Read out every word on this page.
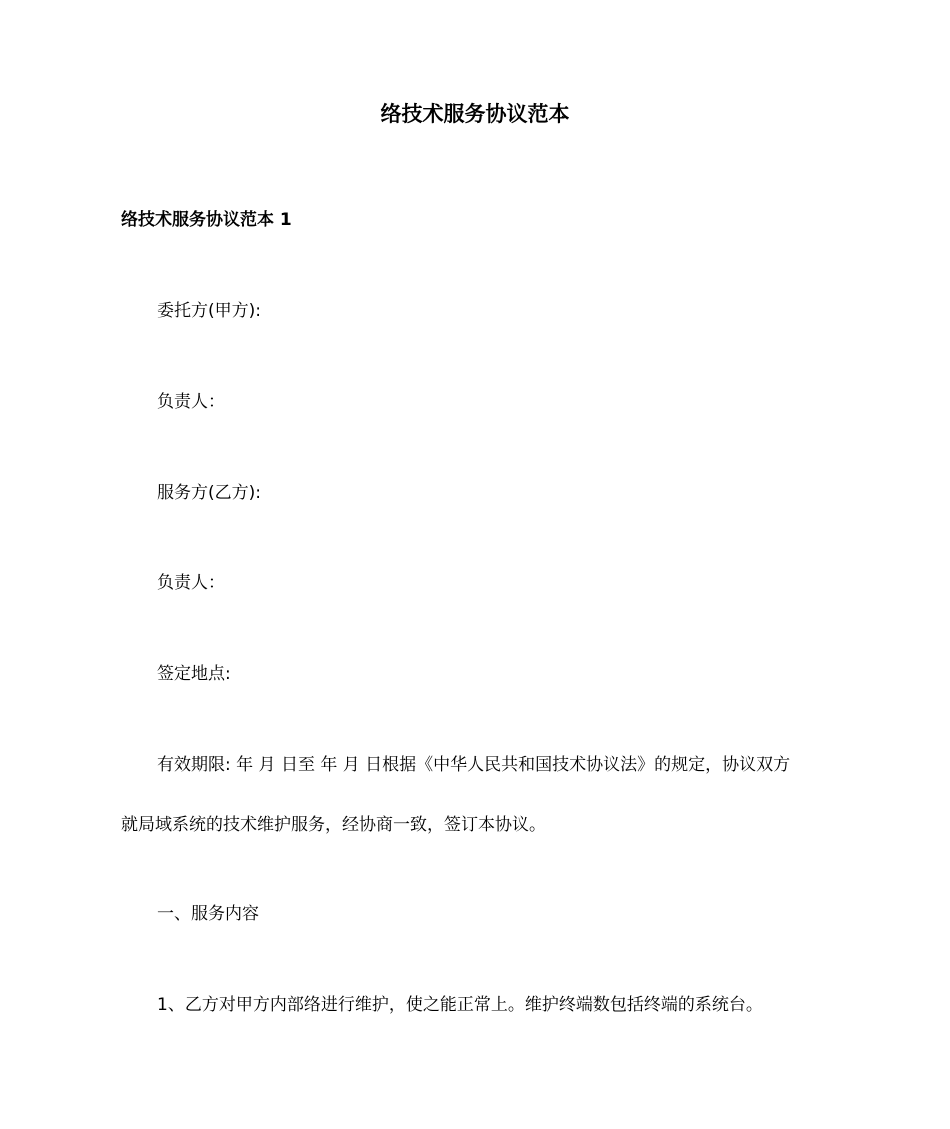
络技术服务协议范本
络技术服务协议范本 1

委托方(甲方):

负责人：

服务方(乙方):

负责人：

签定地点:

有效期限: 年 月 日至 年 月 日根据《中华人民共和国技术协议法》的规定，协议双方

就局域系统的技术维护服务，经协商一致，签订本协议。

一、服务内容

1、乙方对甲方内部络进行维护，使之能正常上。维护终端数包括终端的系统台。
